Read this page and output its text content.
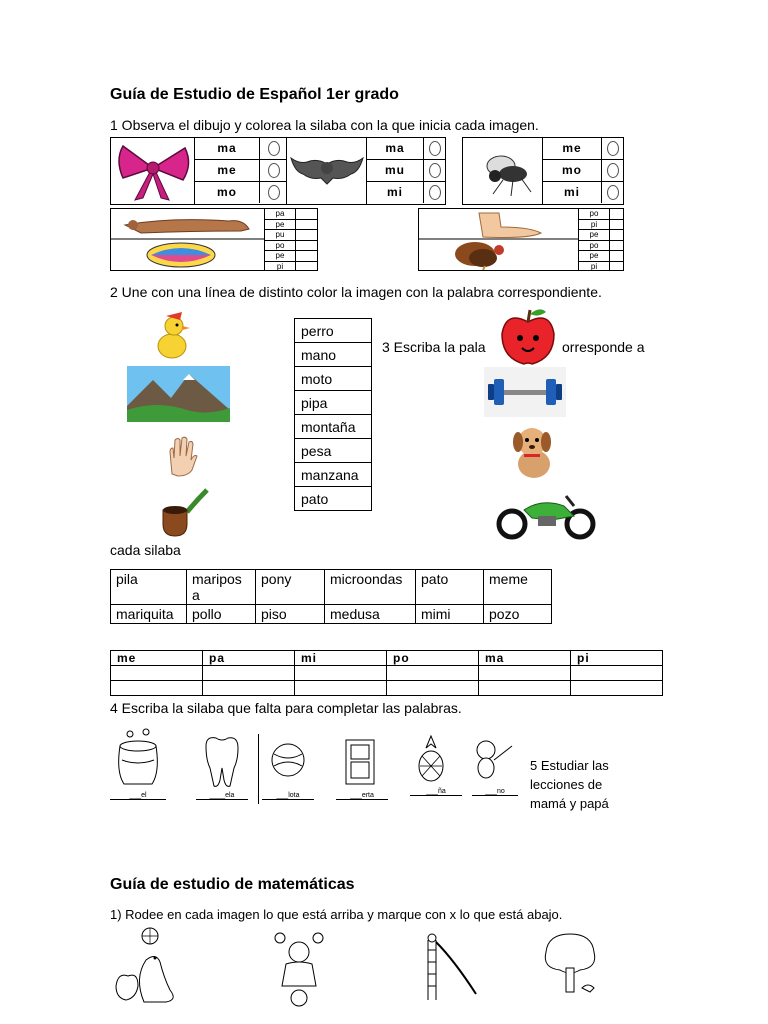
Guía de Estudio de Español 1er grado
1 Observa el dibujo y colorea la silaba con la que inicia cada imagen.
ma
me
mo
ma
mu
mi
me
mo
mi
pa
pe
pu
po
pe
pi
po
pi
pe
po
pe
pi
2 Une con una línea de distinto color la imagen con la palabra correspondiente.
perro
mano
moto
pipa
montaña
pesa
manzana
pato
3 Escriba la pala	orresponde a
cada silaba
pila	maripos a	pony	microondas	pato	meme
mariquita	pollo	piso	medusa	mimi	pozo
me	pa	mi	po	ma	pi

4 Escriba la silaba que falta para completar las palabras.
___el	____ela	___lota	___erta
___ña	___no
5 Estudiar las
lecciones de
mamá y papá
Guía de estudio de matemáticas
1) Rodee en cada imagen lo que está arriba y marque con x lo que está abajo.
